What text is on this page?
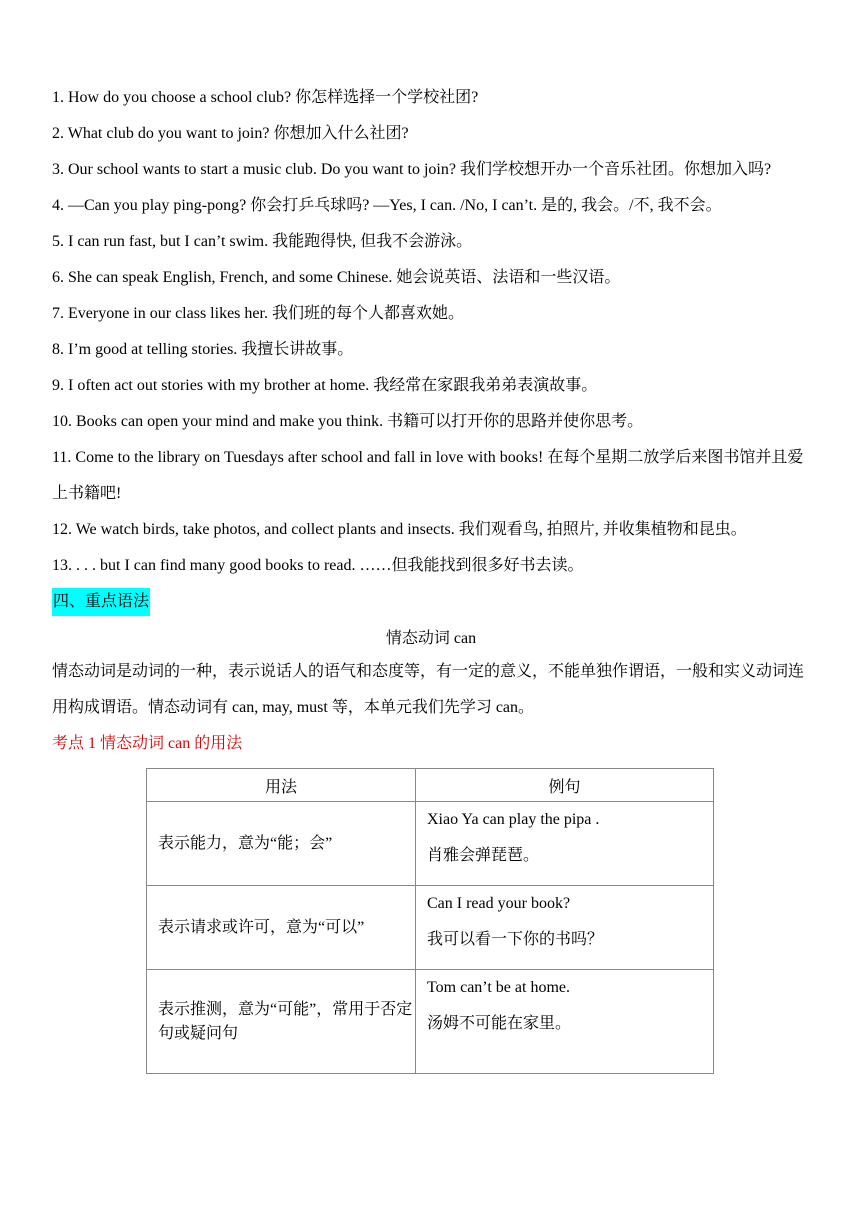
1. How do you choose a school club? 你怎样选择一个学校社团?

2. What club do you want to join? 你想加入什么社团?

3. Our school wants to start a music club. Do you want to join? 我们学校想开办一个音乐社团。你想加入吗?

4. —Can you play ping-pong? 你会打乒乓球吗? —Yes, I can. /No, I can’t. 是的, 我会。/不, 我不会。

5. I can run fast, but I can’t swim. 我能跑得快, 但我不会游泳。

6. She can speak English, French, and some Chinese. 她会说英语、法语和一些汉语。

7. Everyone in our class likes her. 我们班的每个人都喜欢她。

8. I’m good at telling stories. 我擅长讲故事。

9. I often act out stories with my brother at home. 我经常在家跟我弟弟表演故事。

10. Books can open your mind and make you think. 书籍可以打开你的思路并使你思考。

11. Come to the library on Tuesdays after school and fall in love with books! 在每个星期二放学后来图书馆并且爱上书籍吧!

12. We watch birds, take photos, and collect plants and insects. 我们观看鸟, 拍照片, 并收集植物和昆虫。

13. . . . but I can find many good books to read. ……但我能找到很多好书去读。

四、重点语法
情态动词 can

情态动词是动词的一种，表示说话人的语气和态度等，有一定的意义，不能单独作谓语，一般和实义动词连用构成谓语。情态动词有 can, may, must 等，本单元我们先学习 can。

考点 1 情态动词 can 的用法

用法	例句
表示能力，意为“能；会”	Xiao Ya can play the pipa .
肖雅会弹琵琶。

表示请求或许可，意为“可以”	Can I read your book?
我可以看一下你的书吗？

表示推测，意为“可能”，常用于否定句或疑问句	Tom can’t be at home.
汤姆不可能在家里。
